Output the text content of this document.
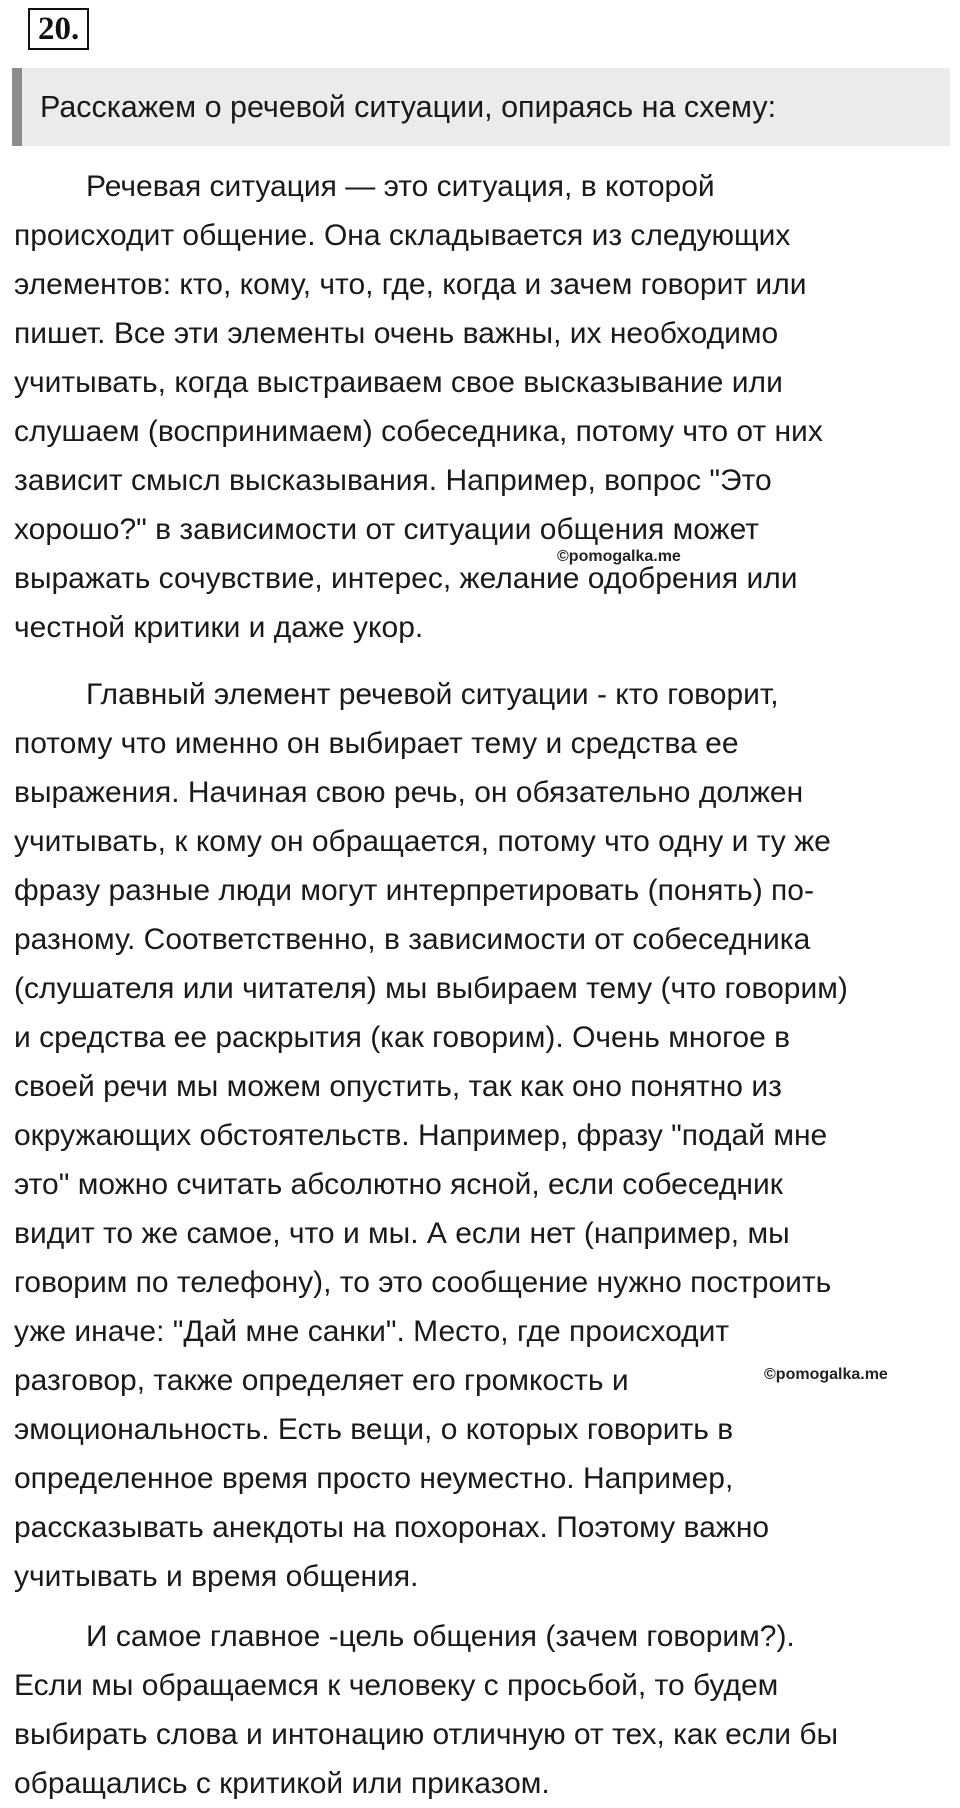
20.
Расскажем о речевой ситуации, опираясь на схему:

Речевая ситуация — это ситуация, в которой
происходит общение. Она складывается из следующих
элементов: кто, кому, что, где, когда и зачем говорит или
пишет. Все эти элементы очень важны, их необходимо
учитывать, когда выстраиваем свое высказывание или
слушаем (воспринимаем) собеседника, потому что от них
зависит смысл высказывания. Например, вопрос "Это
хорошо?" в зависимости от ситуации общения может
выражать сочувствие, интерес, желание одобрения или
честной критики и даже укор.

Главный элемент речевой ситуации - кто говорит,
потому что именно он выбирает тему и средства ее
выражения. Начиная свою речь, он обязательно должен
учитывать, к кому он обращается, потому что одну и ту же
фразу разные люди могут интерпретировать (понять) по-
разному. Соответственно, в зависимости от собеседника
(слушателя или читателя) мы выбираем тему (что говорим)
и средства ее раскрытия (как говорим). Очень многое в
своей речи мы можем опустить, так как оно понятно из
окружающих обстоятельств. Например, фразу "подай мне
это" можно считать абсолютно ясной, если собеседник
видит то же самое, что и мы. А если нет (например, мы
говорим по телефону), то это сообщение нужно построить
уже иначе: "Дай мне санки". Место, где происходит
разговор, также определяет его громкость и
эмоциональность. Есть вещи, о которых говорить в
определенное время просто неуместно. Например,
рассказывать анекдоты на похоронах. Поэтому важно
учитывать и время общения.

И самое главное -цель общения (зачем говорим?).
Если мы обращаемся к человеку с просьбой, то будем
выбирать слова и интонацию отличную от тех, как если бы
обращались с критикой или приказом.

©pomogalka.me
©pomogalka.me
